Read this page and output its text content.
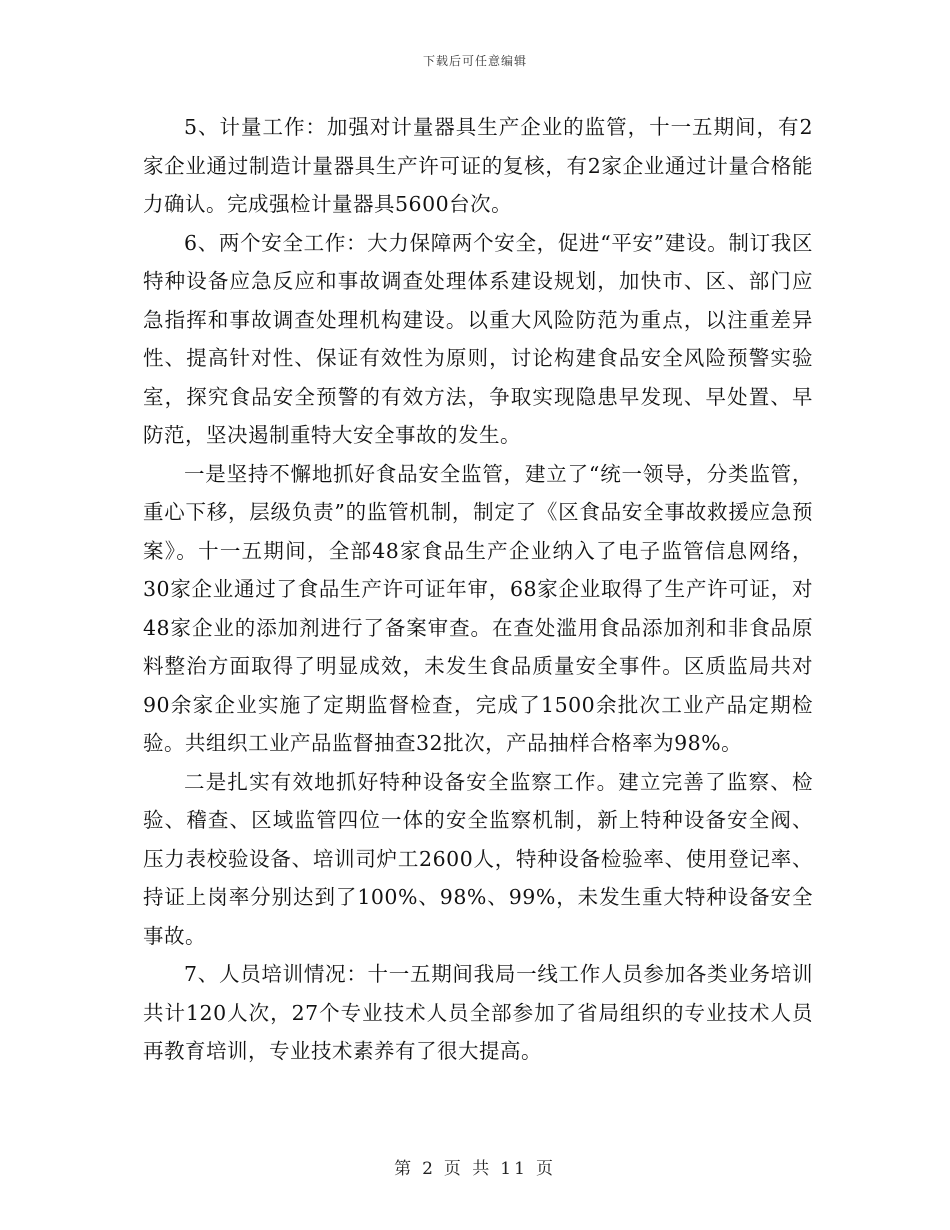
下载后可任意编辑

5、计量工作：加强对计量器具生产企业的监管，十一五期间，有2家企业通过制造计量器具生产许可证的复核，有2家企业通过计量合格能力确认。完成强检计量器具5600台次。

6、两个安全工作：大力保障两个安全，促进“平安”建设。制订我区特种设备应急反应和事故调查处理体系建设规划，加快市、区、部门应急指挥和事故调查处理机构建设。以重大风险防范为重点，以注重差异性、提高针对性、保证有效性为原则，讨论构建食品安全风险预警实验室，探究食品安全预警的有效方法，争取实现隐患早发现、早处置、早防范，坚决遏制重特大安全事故的发生。

一是坚持不懈地抓好食品安全监管，建立了“统一领导，分类监管，重心下移，层级负责”的监管机制，制定了《区食品安全事故救援应急预案》。十一五期间，全部48家食品生产企业纳入了电子监管信息网络，30家企业通过了食品生产许可证年审，68家企业取得了生产许可证，对48家企业的添加剂进行了备案审查。在查处滥用食品添加剂和非食品原料整治方面取得了明显成效，未发生食品质量安全事件。区质监局共对90余家企业实施了定期监督检查，完成了1500余批次工业产品定期检验。共组织工业产品监督抽查32批次，产品抽样合格率为98%。

二是扎实有效地抓好特种设备安全监察工作。建立完善了监察、检验、稽查、区域监管四位一体的安全监察机制，新上特种设备安全阀、压力表校验设备、培训司炉工2600人，特种设备检验率、使用登记率、持证上岗率分别达到了100%、98%、99%，未发生重大特种设备安全事故。

7、人员培训情况：十一五期间我局一线工作人员参加各类业务培训共计120人次，27个专业技术人员全部参加了省局组织的专业技术人员再教育培训，专业技术素养有了很大提高。

第 2 页 共 11 页
